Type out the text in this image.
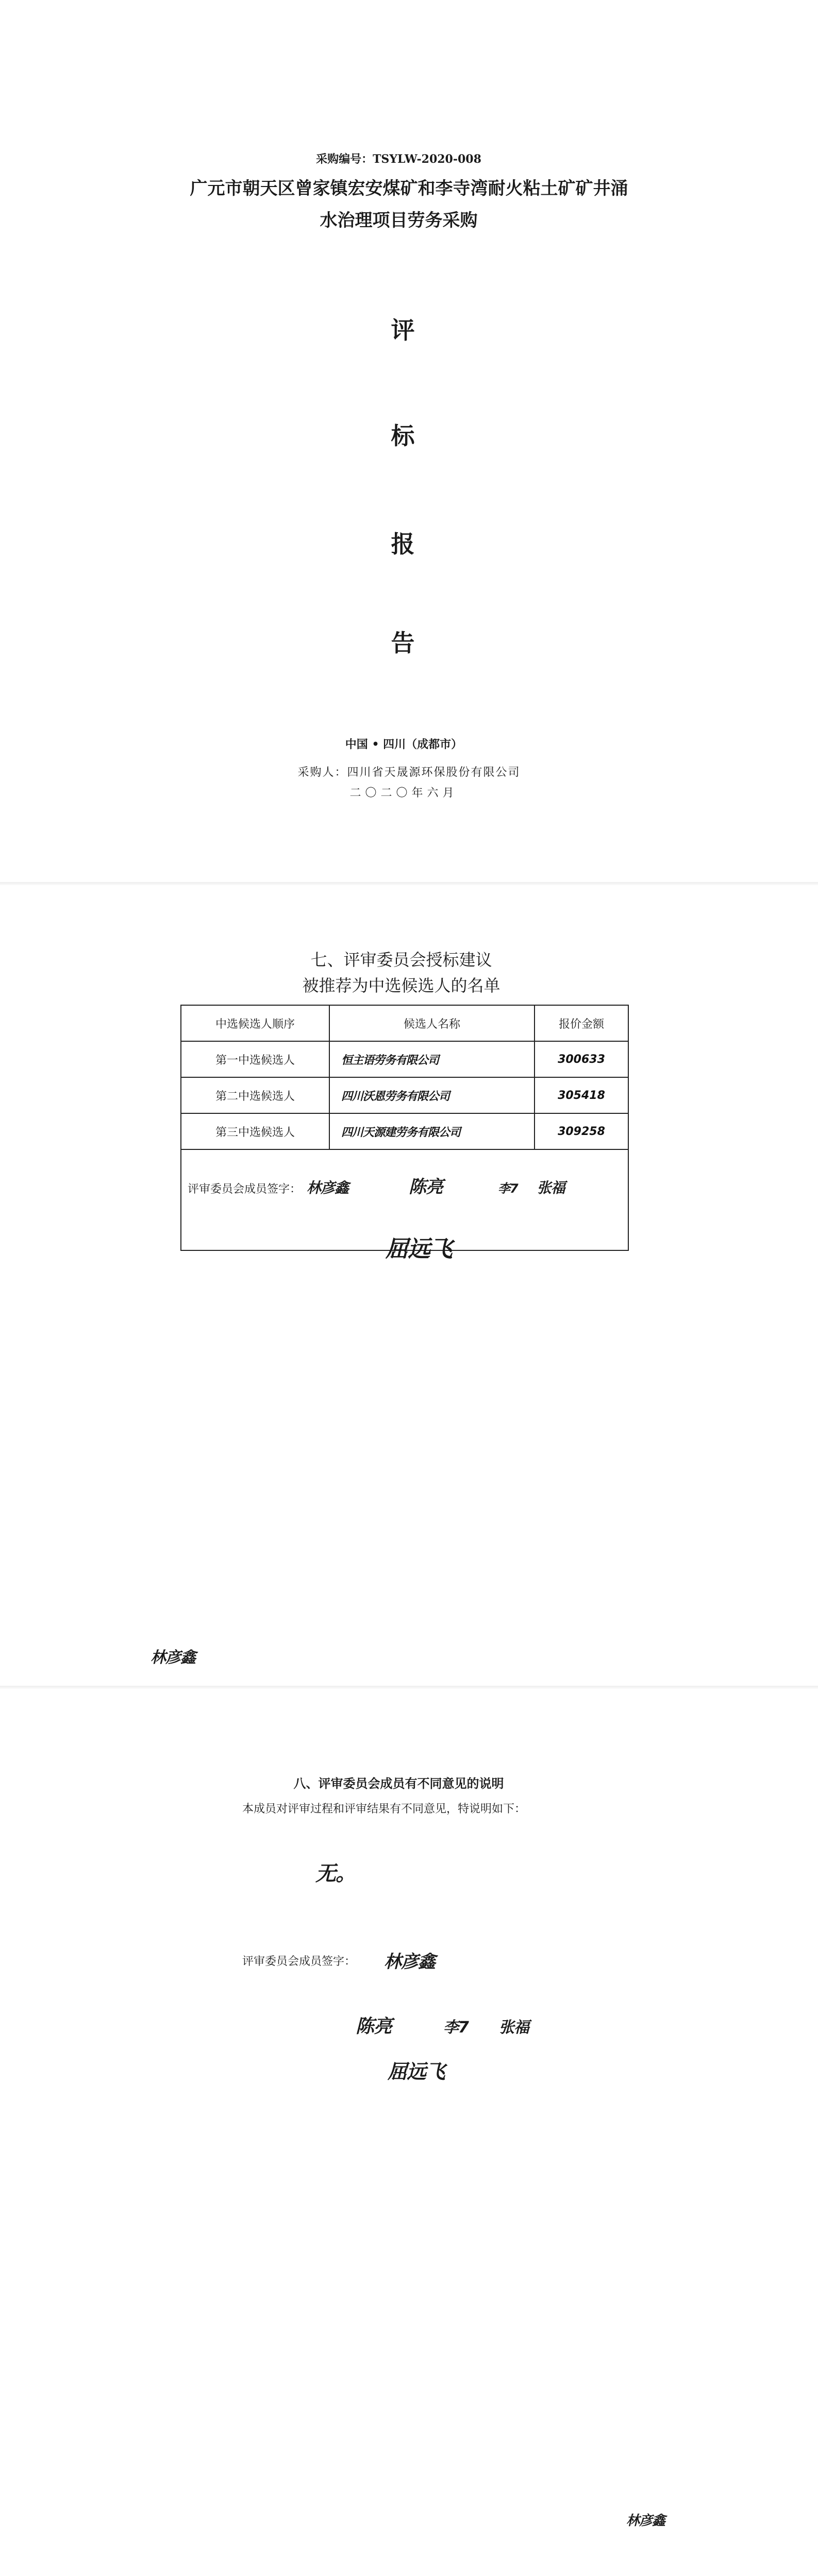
采购编号：TSYLW-2020-008
广元市朝天区曾家镇宏安煤矿和李寺湾耐火粘土矿矿井涌
水治理项目劳务采购
评
标
报
告
中国 • 四川（成都市）
采购人：四川省天晟源环保股份有限公司
二〇二〇年六月
七、评审委员会授标建议
被推荐为中选候选人的名单
中选候选人顺序	候选人名称	报价金额
第一中选候选人	恒主语劳务有限公司	300633
第二中选候选人	四川沃恩劳务有限公司	305418
第三中选候选人	四川天源建劳务有限公司	309258
评审委员会成员签字： 林彦鑫 陈亮 李7 张福		
屈远飞
林彦鑫
八、评审委员会成员有不同意见的说明
本成员对评审过程和评审结果有不同意见，特说明如下：
无。
评审委员会成员签字： 林彦鑫
陈亮	李7 张福
屈远飞
林彦鑫
